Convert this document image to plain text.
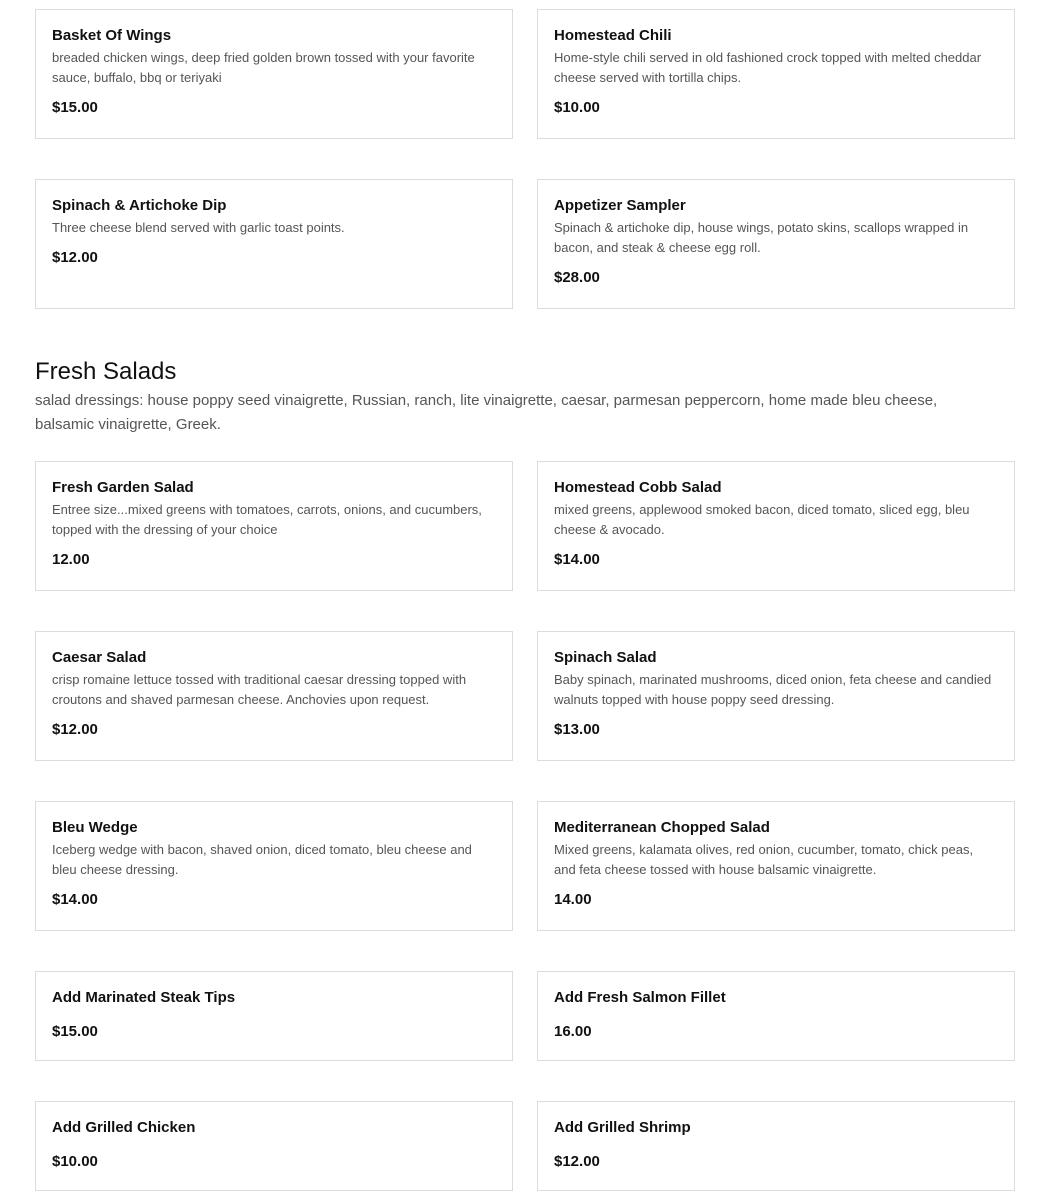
Basket Of Wings

breaded chicken wings, deep fried golden brown tossed with your favorite sauce, buffalo, bbq or teriyaki

$15.00

Homestead Chili

Home-style chili served in old fashioned crock topped with melted cheddar cheese served with tortilla chips.

$10.00

Spinach & Artichoke Dip

Three cheese blend served with garlic toast points.

$12.00

Appetizer Sampler

Spinach & artichoke dip, house wings, potato skins, scallops wrapped in bacon, and steak & cheese egg roll.

$28.00

Fresh Salads

salad dressings: house poppy seed vinaigrette, Russian, ranch, lite vinaigrette, caesar, parmesan peppercorn, home made bleu cheese, balsamic vinaigrette, Greek.

Fresh Garden Salad

Entree size...mixed greens with tomatoes, carrots, onions, and cucumbers, topped with the dressing of your choice

12.00

Homestead Cobb Salad

mixed greens, applewood smoked bacon, diced tomato, sliced egg, bleu cheese & avocado.

$14.00

Caesar Salad

crisp romaine lettuce tossed with traditional caesar dressing topped with croutons and shaved parmesan cheese. Anchovies upon request.

$12.00

Spinach Salad

Baby spinach, marinated mushrooms, diced onion, feta cheese and candied walnuts topped with house poppy seed dressing.

$13.00

Bleu Wedge

Iceberg wedge with bacon, shaved onion, diced tomato, bleu cheese and bleu cheese dressing.

$14.00

Mediterranean Chopped Salad

Mixed greens, kalamata olives, red onion, cucumber, tomato, chick peas, and feta cheese tossed with house balsamic vinaigrette.

14.00

Add Marinated Steak Tips

$15.00

Add Fresh Salmon Fillet

16.00

Add Grilled Chicken

$10.00

Add Grilled Shrimp

$12.00
